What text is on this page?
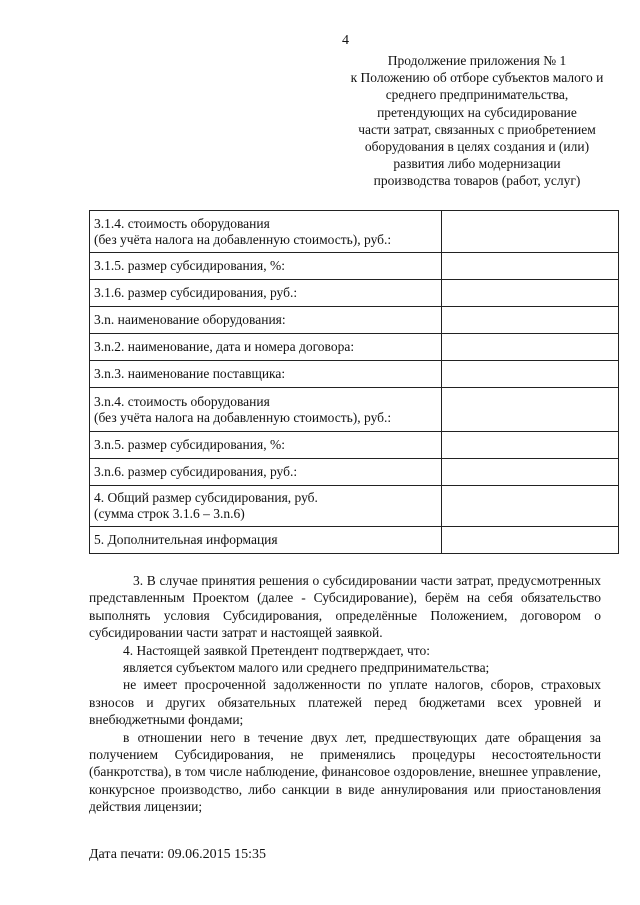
4
Продолжение приложения № 1
к Положению об отборе субъектов малого и
среднего предпринимательства,
претендующих на субсидирование
части затрат, связанных с приобретением
оборудования в целях создания и (или)
развития либо модернизации
производства товаров (работ, услуг)
3.1.4. стоимость оборудования
(без учёта налога на добавленную стоимость), руб.:	

3.1.5. размер субсидирования, %:	

3.1.6. размер субсидирования, руб.:	

3.n. наименование оборудования:	

3.n.2. наименование, дата и номера договора:	

3.n.3. наименование поставщика:	

3.n.4. стоимость оборудования
(без учёта налога на добавленную стоимость), руб.:	

3.n.5. размер субсидирования, %:	

3.n.6. размер субсидирования, руб.:	

4. Общий размер субсидирования, руб.
(сумма строк 3.1.6 – 3.n.6)	

5. Дополнительная информация	

3. В случае принятия решения о субсидировании части затрат, предусмотренных представленным Проектом (далее - Субсидирование), берём на себя обязательство выполнять условия Субсидирования, определённые Положением, договором о субсидировании части затрат и настоящей заявкой.

4. Настоящей заявкой Претендент подтверждает, что:

является субъектом малого или среднего предпринимательства;

не имеет просроченной задолженности по уплате налогов, сборов, страховых взносов и других обязательных платежей перед бюджетами всех уровней и внебюджетными фондами;

в отношении него в течение двух лет, предшествующих дате обращения за получением Субсидирования, не применялись процедуры несостоятельности (банкротства), в том числе наблюдение, финансовое оздоровление, внешнее управление, конкурсное производство, либо санкции в виде аннулирования или приостановления действия лицензии;

Дата печати: 09.06.2015 15:35
